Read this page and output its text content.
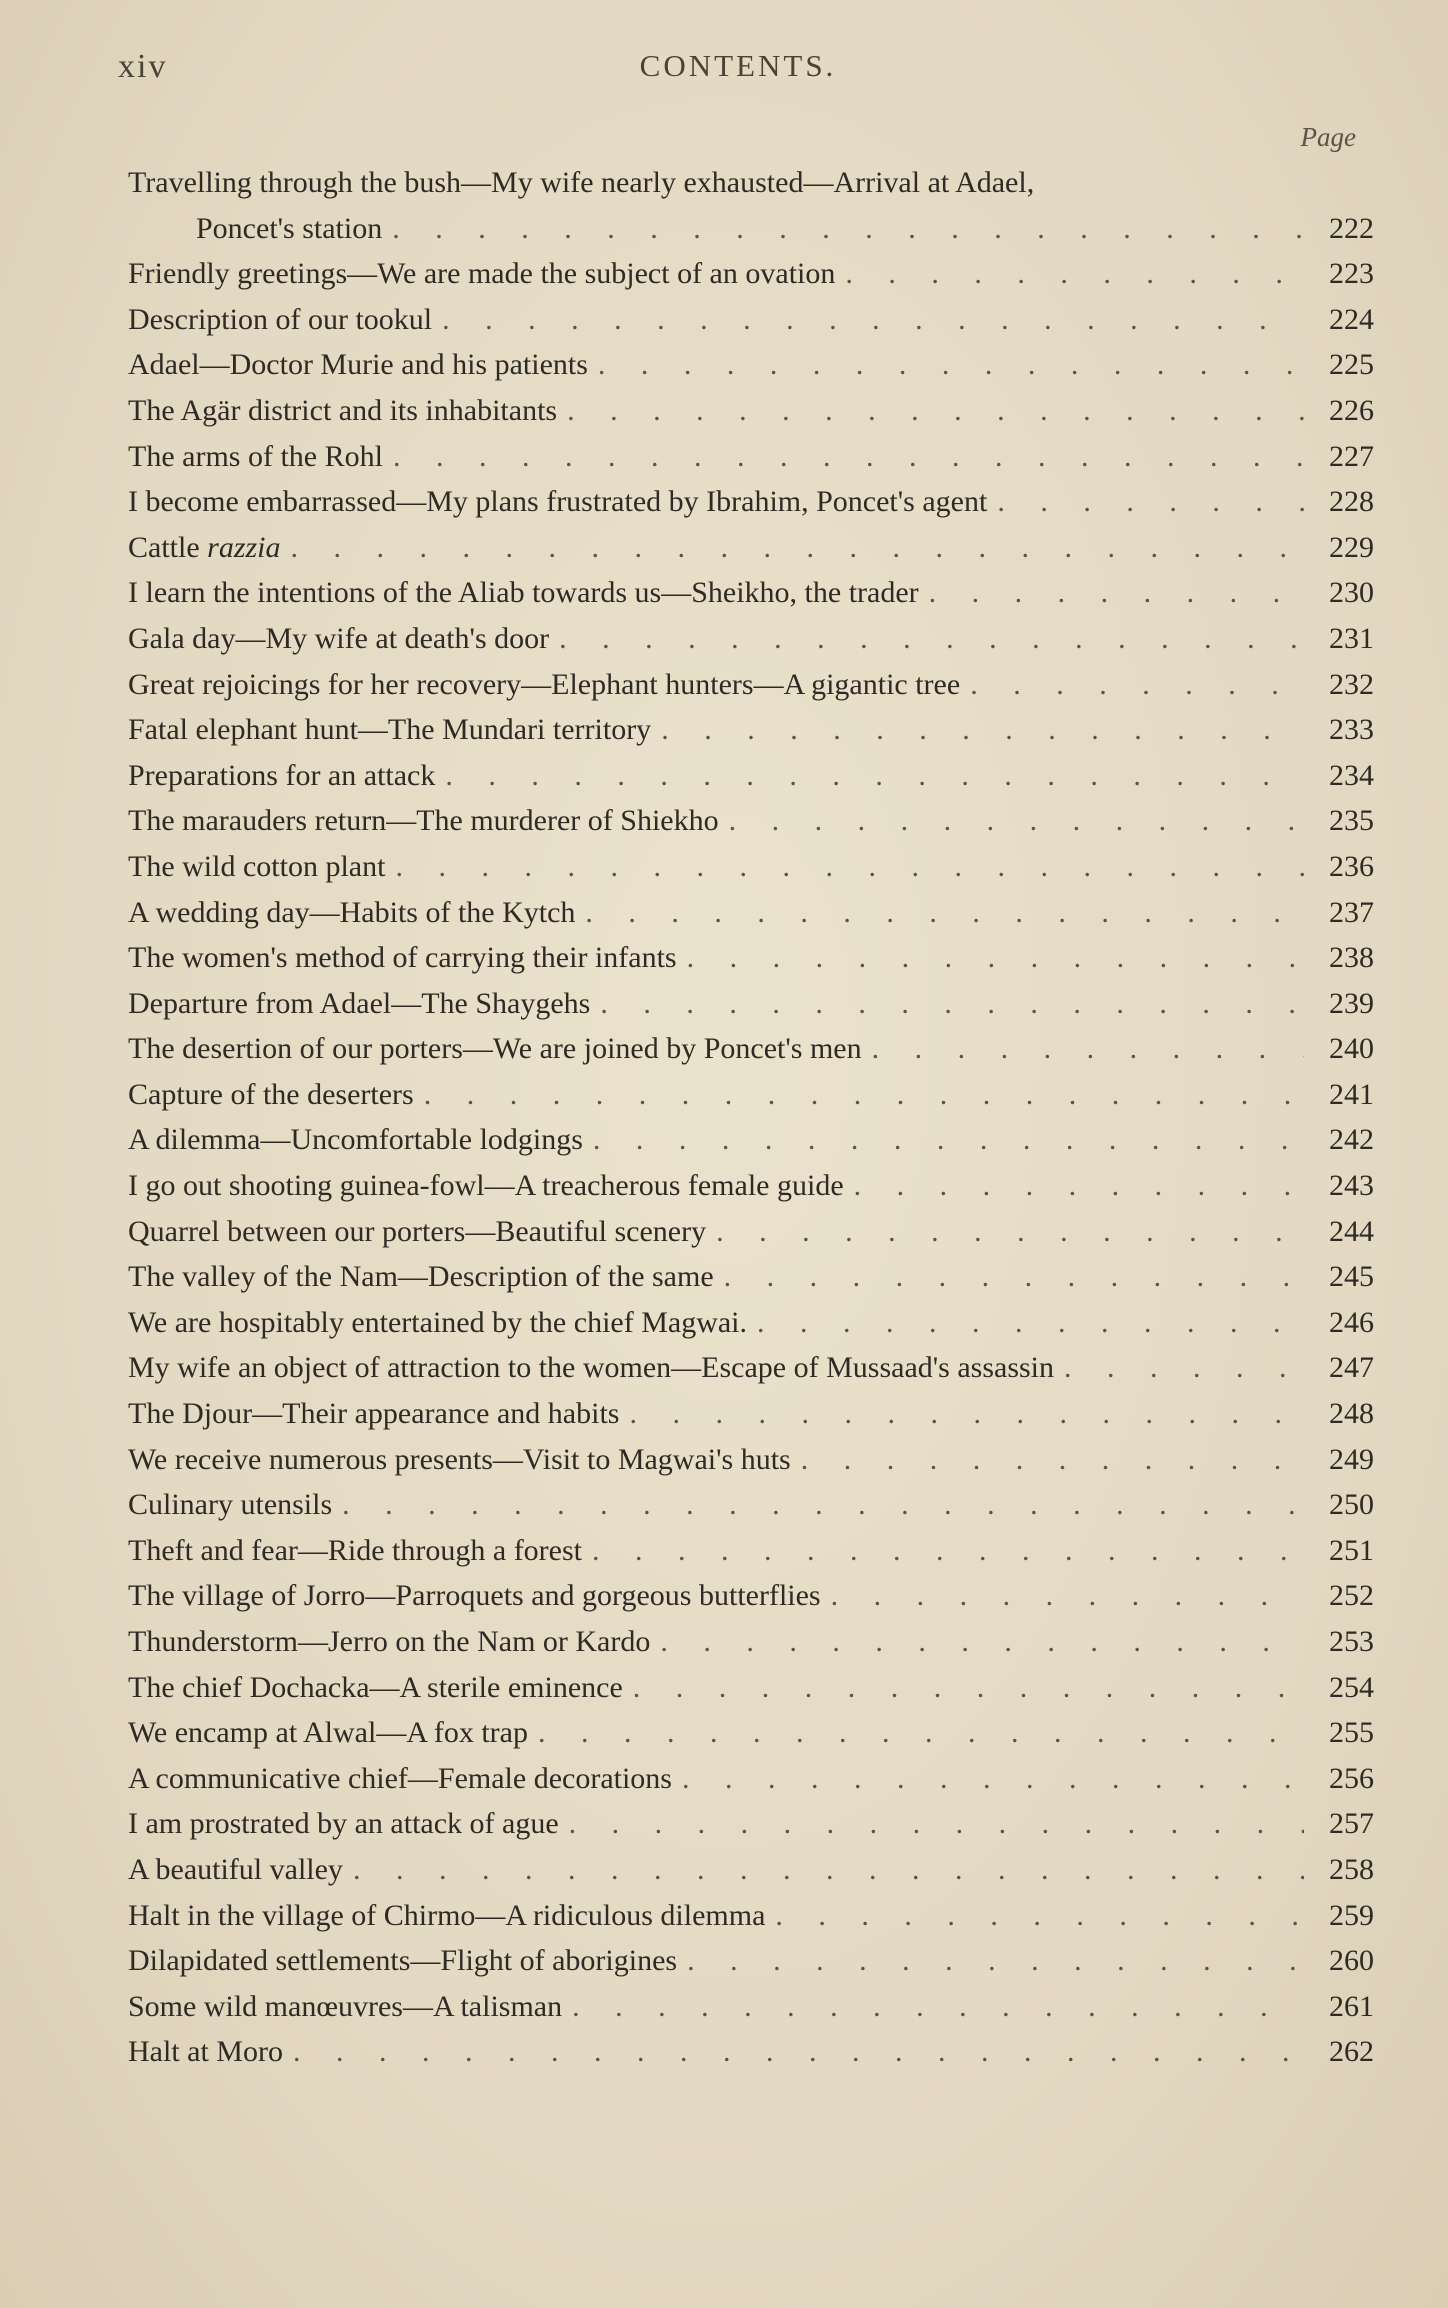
xiv	CONTENTS.
Page
Travelling through the bush—My wife nearly exhausted—Arrival at Adael,
Poncet's station . . .	222
Friendly greetings—We are made the subject of an ovation . . .	223
Description of our tookul . . .	224
Adael—Doctor Murie and his patients . . .	225
The Agär district and its inhabitants . . .	226
The arms of the Rohl . . .	227
I become embarrassed—My plans frustrated by Ibrahim, Poncet's agent . . .	228
Cattle razzia . . .	229
I learn the intentions of the Aliab towards us—Sheikho, the trader . . .	230
Gala day—My wife at death's door . . .	231
Great rejoicings for her recovery—Elephant hunters—A gigantic tree . . .	232
Fatal elephant hunt—The Mundari territory . . .	233
Preparations for an attack . . .	234
The marauders return—The murderer of Shiekho . . .	235
The wild cotton plant . . .	236
A wedding day—Habits of the Kytch . . .	237
The women's method of carrying their infants . . .	238
Departure from Adael—The Shaygehs . . .	239
The desertion of our porters—We are joined by Poncet's men . . .	240
Capture of the deserters . . .	241
A dilemma—Uncomfortable lodgings . . .	242
I go out shooting guinea-fowl—A treacherous female guide . . .	243
Quarrel between our porters—Beautiful scenery . . .	244
The valley of the Nam—Description of the same . . .	245
We are hospitably entertained by the chief Magwai. . . .	246
My wife an object of attraction to the women—Escape of Mussaad's assassin . . .	247
The Djour—Their appearance and habits . . .	248
We receive numerous presents—Visit to Magwai's huts . . .	249
Culinary utensils . . .	250
Theft and fear—Ride through a forest . . .	251
The village of Jorro—Parroquets and gorgeous butterflies . . .	252
Thunderstorm—Jerro on the Nam or Kardo . . .	253
The chief Dochacka—A sterile eminence . . .	254
We encamp at Alwal—A fox trap . . .	255
A communicative chief—Female decorations . . .	256
I am prostrated by an attack of ague . . .	257
A beautiful valley . . .	258
Halt in the village of Chirmo—A ridiculous dilemma . . .	259
Dilapidated settlements—Flight of aborigines . . .	260
Some wild manœuvres—A talisman . . .	261
Halt at Moro . . .	262
